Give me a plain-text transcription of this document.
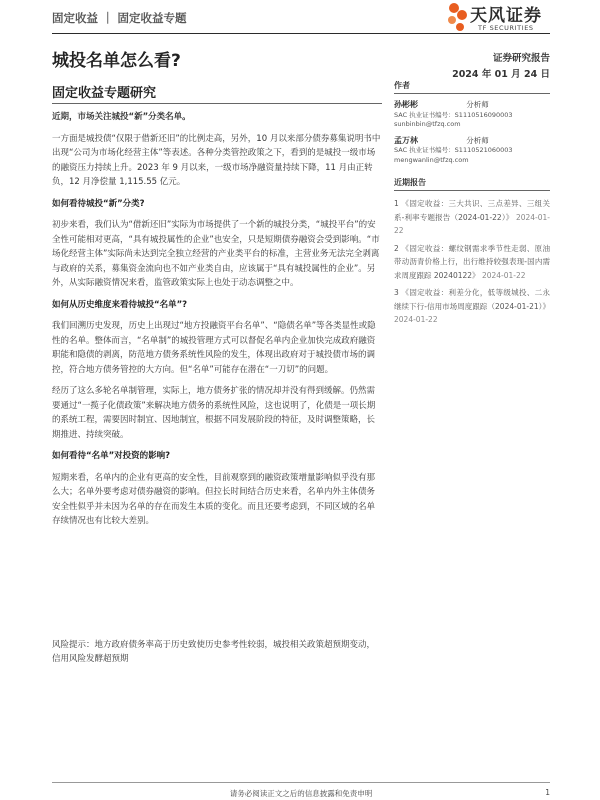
固定收益 ｜ 固定收益专题	天风证券
TF SECURITIES
城投名单怎么看?	证券研究报告
2024 年 01 月 24 日
固定收益专题研究

近期，市场关注城投“新”分类名单。

一方面是城投债“仅限于借新还旧”的比例走高，另外，10 月以来部分债券募集说明书中出现“公司为市场化经营主体”等表述。各种分类管控政策之下，看到的是城投一级市场的融资压力持续上升。2023 年 9 月以来，一级市场净融资量持续下降，11 月由正转负，12 月净偿量 1,115.55 亿元。

如何看待城投“新”分类?

初步来看，我们认为“借新还旧”实际为市场提供了一个新的城投分类，“城投平台”的安全性可能相对更高，“具有城投属性的企业”也安全，只是短期债券融资会受到影响。“市场化经营主体”实际尚未达到完全独立经营的产业类平台的标准，主营业务无法完全剥离与政府的关系，募集资金流向也不如产业类自由，应该属于“具有城投属性的企业”。另外，从实际融资情况来看，监管政策实际上也处于动态调整之中。

如何从历史维度来看待城投“名单”?

我们回溯历史发现，历史上出现过“地方投融资平台名单”、“隐债名单”等各类显性或隐性的名单。整体而言，“名单制”的城投管理方式可以督促名单内企业加快完成政府融资职能和隐债的剥离，防范地方债务系统性风险的发生，体现出政府对于城投债市场的调控，符合地方债务管控的大方向。但“名单”可能存在潜在“一刀切”的问题。

经历了这么多轮名单制管理，实际上，地方债务扩张的情况却并没有得到缓解。仍然需要通过“一揽子化债政策”来解决地方债务的系统性风险，这也说明了，化债是一项长期的系统工程，需要因时制宜、因地制宜，根据不同发展阶段的特征，及时调整策略，长期推进、持续突破。

如何看待“名单”对投资的影响?

短期来看，名单内的企业有更高的安全性，目前观察到的融资政策增量影响似乎没有那么大；名单外要考虑对债券融资的影响。但拉长时间结合历史来看，名单内外主体债务安全性似乎并未因为名单的存在而发生本质的变化。而且还要考虑到，不同区域的名单存续情况也有比较大差别。

风险提示：地方政府债务率高于历史致使历史参考性较弱，城投相关政策超预期变动，信用风险发酵超预期
作者
孙彬彬	分析师
SAC 执业证书编号：S1110516090003
sunbinbin@tfzq.com
孟万林	分析师
SAC 执业证书编号：S1110521060003
mengwanlin@tfzq.com
近期报告
1 《固定收益：三大共识、三点差异、三组关系-利率专题报告（2024-01-22）》 2024-01-22
2 《固定收益：螺纹钢需求季节性走弱、原油带动沥青价格上行，出行维持较强表现-国内需求周度跟踪 20240122》 2024-01-22
3 《固定收益：利差分化，低等级城投、二永继续下行-信用市场周度跟踪（2024-01-21）》 2024-01-22
请务必阅读正文之后的信息披露和免责申明	1
